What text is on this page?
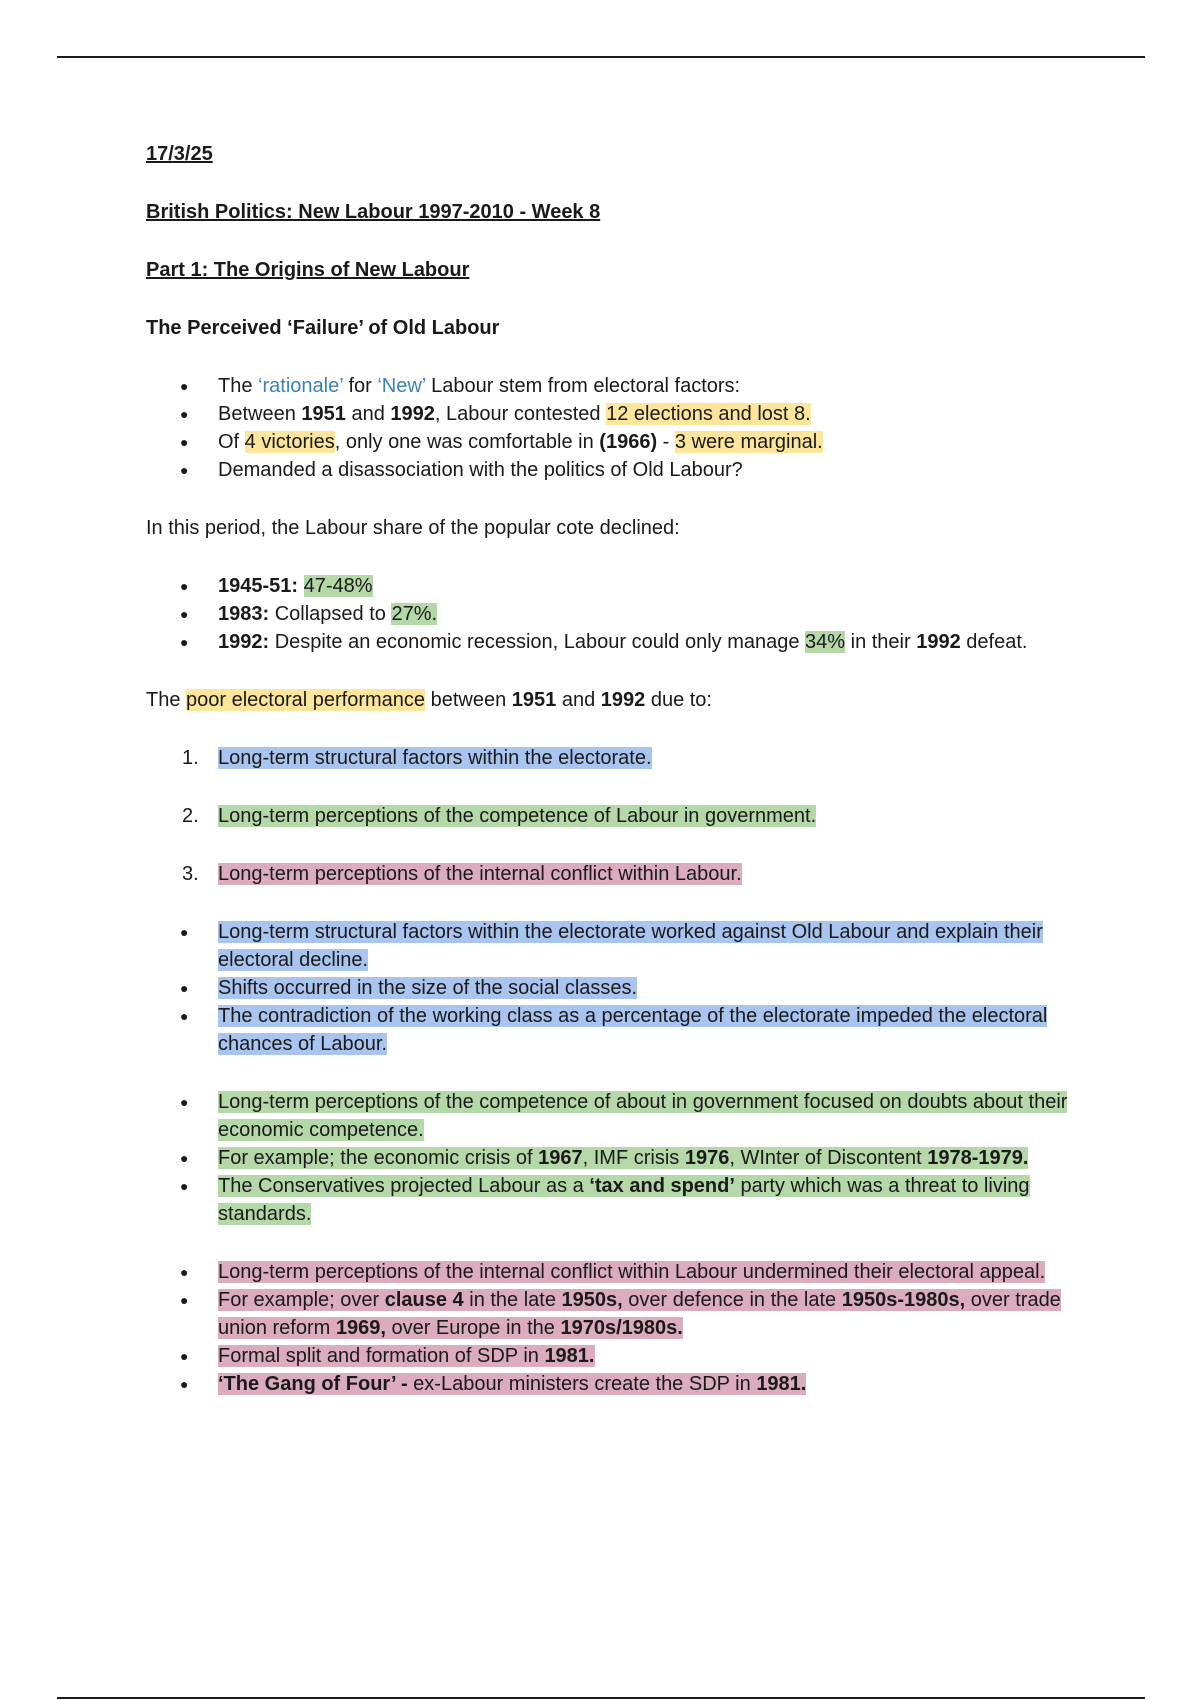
17/3/25

British Politics: New Labour 1997-2010 - Week 8

Part 1: The Origins of New Labour

The Perceived ‘Failure’ of Old Labour

● The ‘rationale’ for ‘New’ Labour stem from electoral factors:
● Between 1951 and 1992, Labour contested 12 elections and lost 8.
● Of 4 victories, only one was comfortable in (1966) - 3 were marginal.
● Demanded a disassociation with the politics of Old Labour?

In this period, the Labour share of the popular cote declined:

● 1945-51: 47-48%
● 1983: Collapsed to 27%.
● 1992: Despite an economic recession, Labour could only manage 34% in their 1992 defeat.

The poor electoral performance between 1951 and 1992 due to:

1. Long-term structural factors within the electorate.
2. Long-term perceptions of the competence of Labour in government.
3. Long-term perceptions of the internal conflict within Labour.
● Long-term structural factors within the electorate worked against Old Labour and explain their electoral decline.
● Shifts occurred in the size of the social classes.
● The contradiction of the working class as a percentage of the electorate impeded the electoral chances of Labour.
● Long-term perceptions of the competence of about in government focused on doubts about their economic competence.
● For example; the economic crisis of 1967, IMF crisis 1976, WInter of Discontent 1978-1979.
● The Conservatives projected Labour as a ‘tax and spend’ party which was a threat to living standards.
● Long-term perceptions of the internal conflict within Labour undermined their electoral appeal.
● For example; over clause 4 in the late 1950s, over defence in the late 1950s-1980s, over trade union reform 1969, over Europe in the 1970s/1980s.
● Formal split and formation of SDP in 1981.
● ‘The Gang of Four’ - ex-Labour ministers create the SDP in 1981.
